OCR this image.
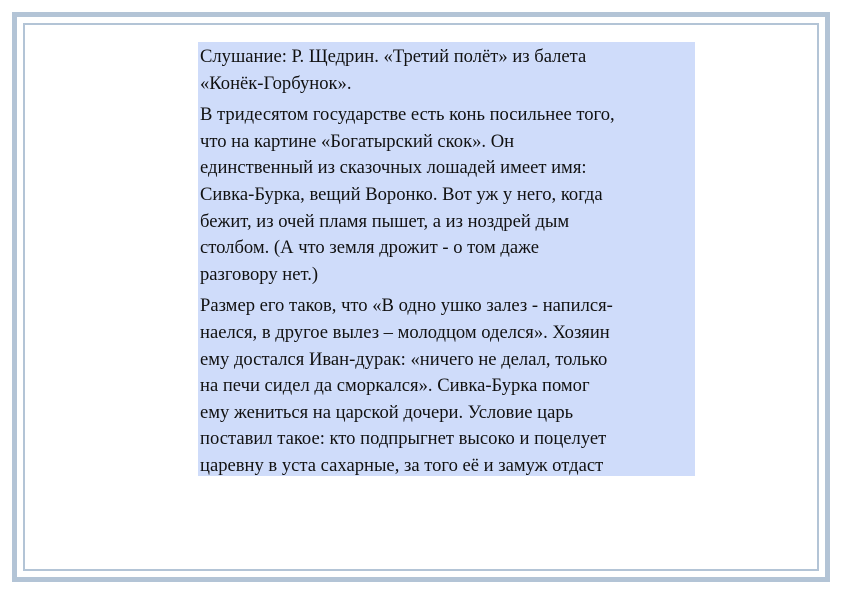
Слушание: Р. Щедрин. «Третий полёт» из балета
«Конёк-Горбунок».

В тридесятом государстве есть конь посильнее того,
что на картине «Богатырский скок». Он
единственный из сказочных лошадей имеет имя:
Сивка-Бурка, вещий Воронко. Вот уж у него, когда
бежит, из очей пламя пышет, а из ноздрей дым
столбом. (А что земля дрожит - о том даже
разговору нет.)

Размер его таков, что «В одно ушко залез - напился-
наелся, в другое вылез – молодцом оделся». Хозяин
ему достался Иван-дурак: «ничего не делал, только
на печи сидел да сморкался». Сивка-Бурка помог
ему жениться на царской дочери. Условие царь
поставил такое: кто подпрыгнет высоко и поцелует
царевну в уста сахарные, за того её и замуж отдаст
